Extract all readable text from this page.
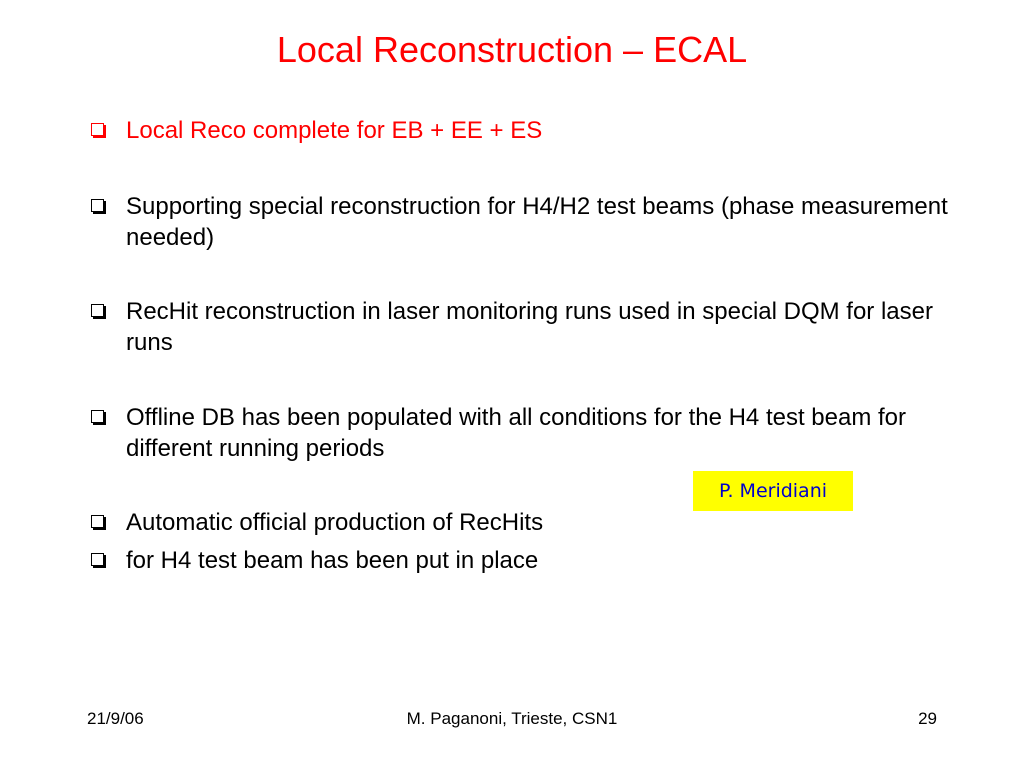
Local Reconstruction – ECAL
Local Reco complete for EB + EE + ES
Supporting special reconstruction for H4/H2 test beams (phase measurement needed)
RecHit reconstruction in laser monitoring runs used in special DQM for laser runs
Offline DB has been populated with all conditions for the H4 test beam for different running periods
P. Meridiani
Automatic official production of RecHits
for H4 test beam has been put in place
21/9/06	M. Paganoni, Trieste, CSN1	29
